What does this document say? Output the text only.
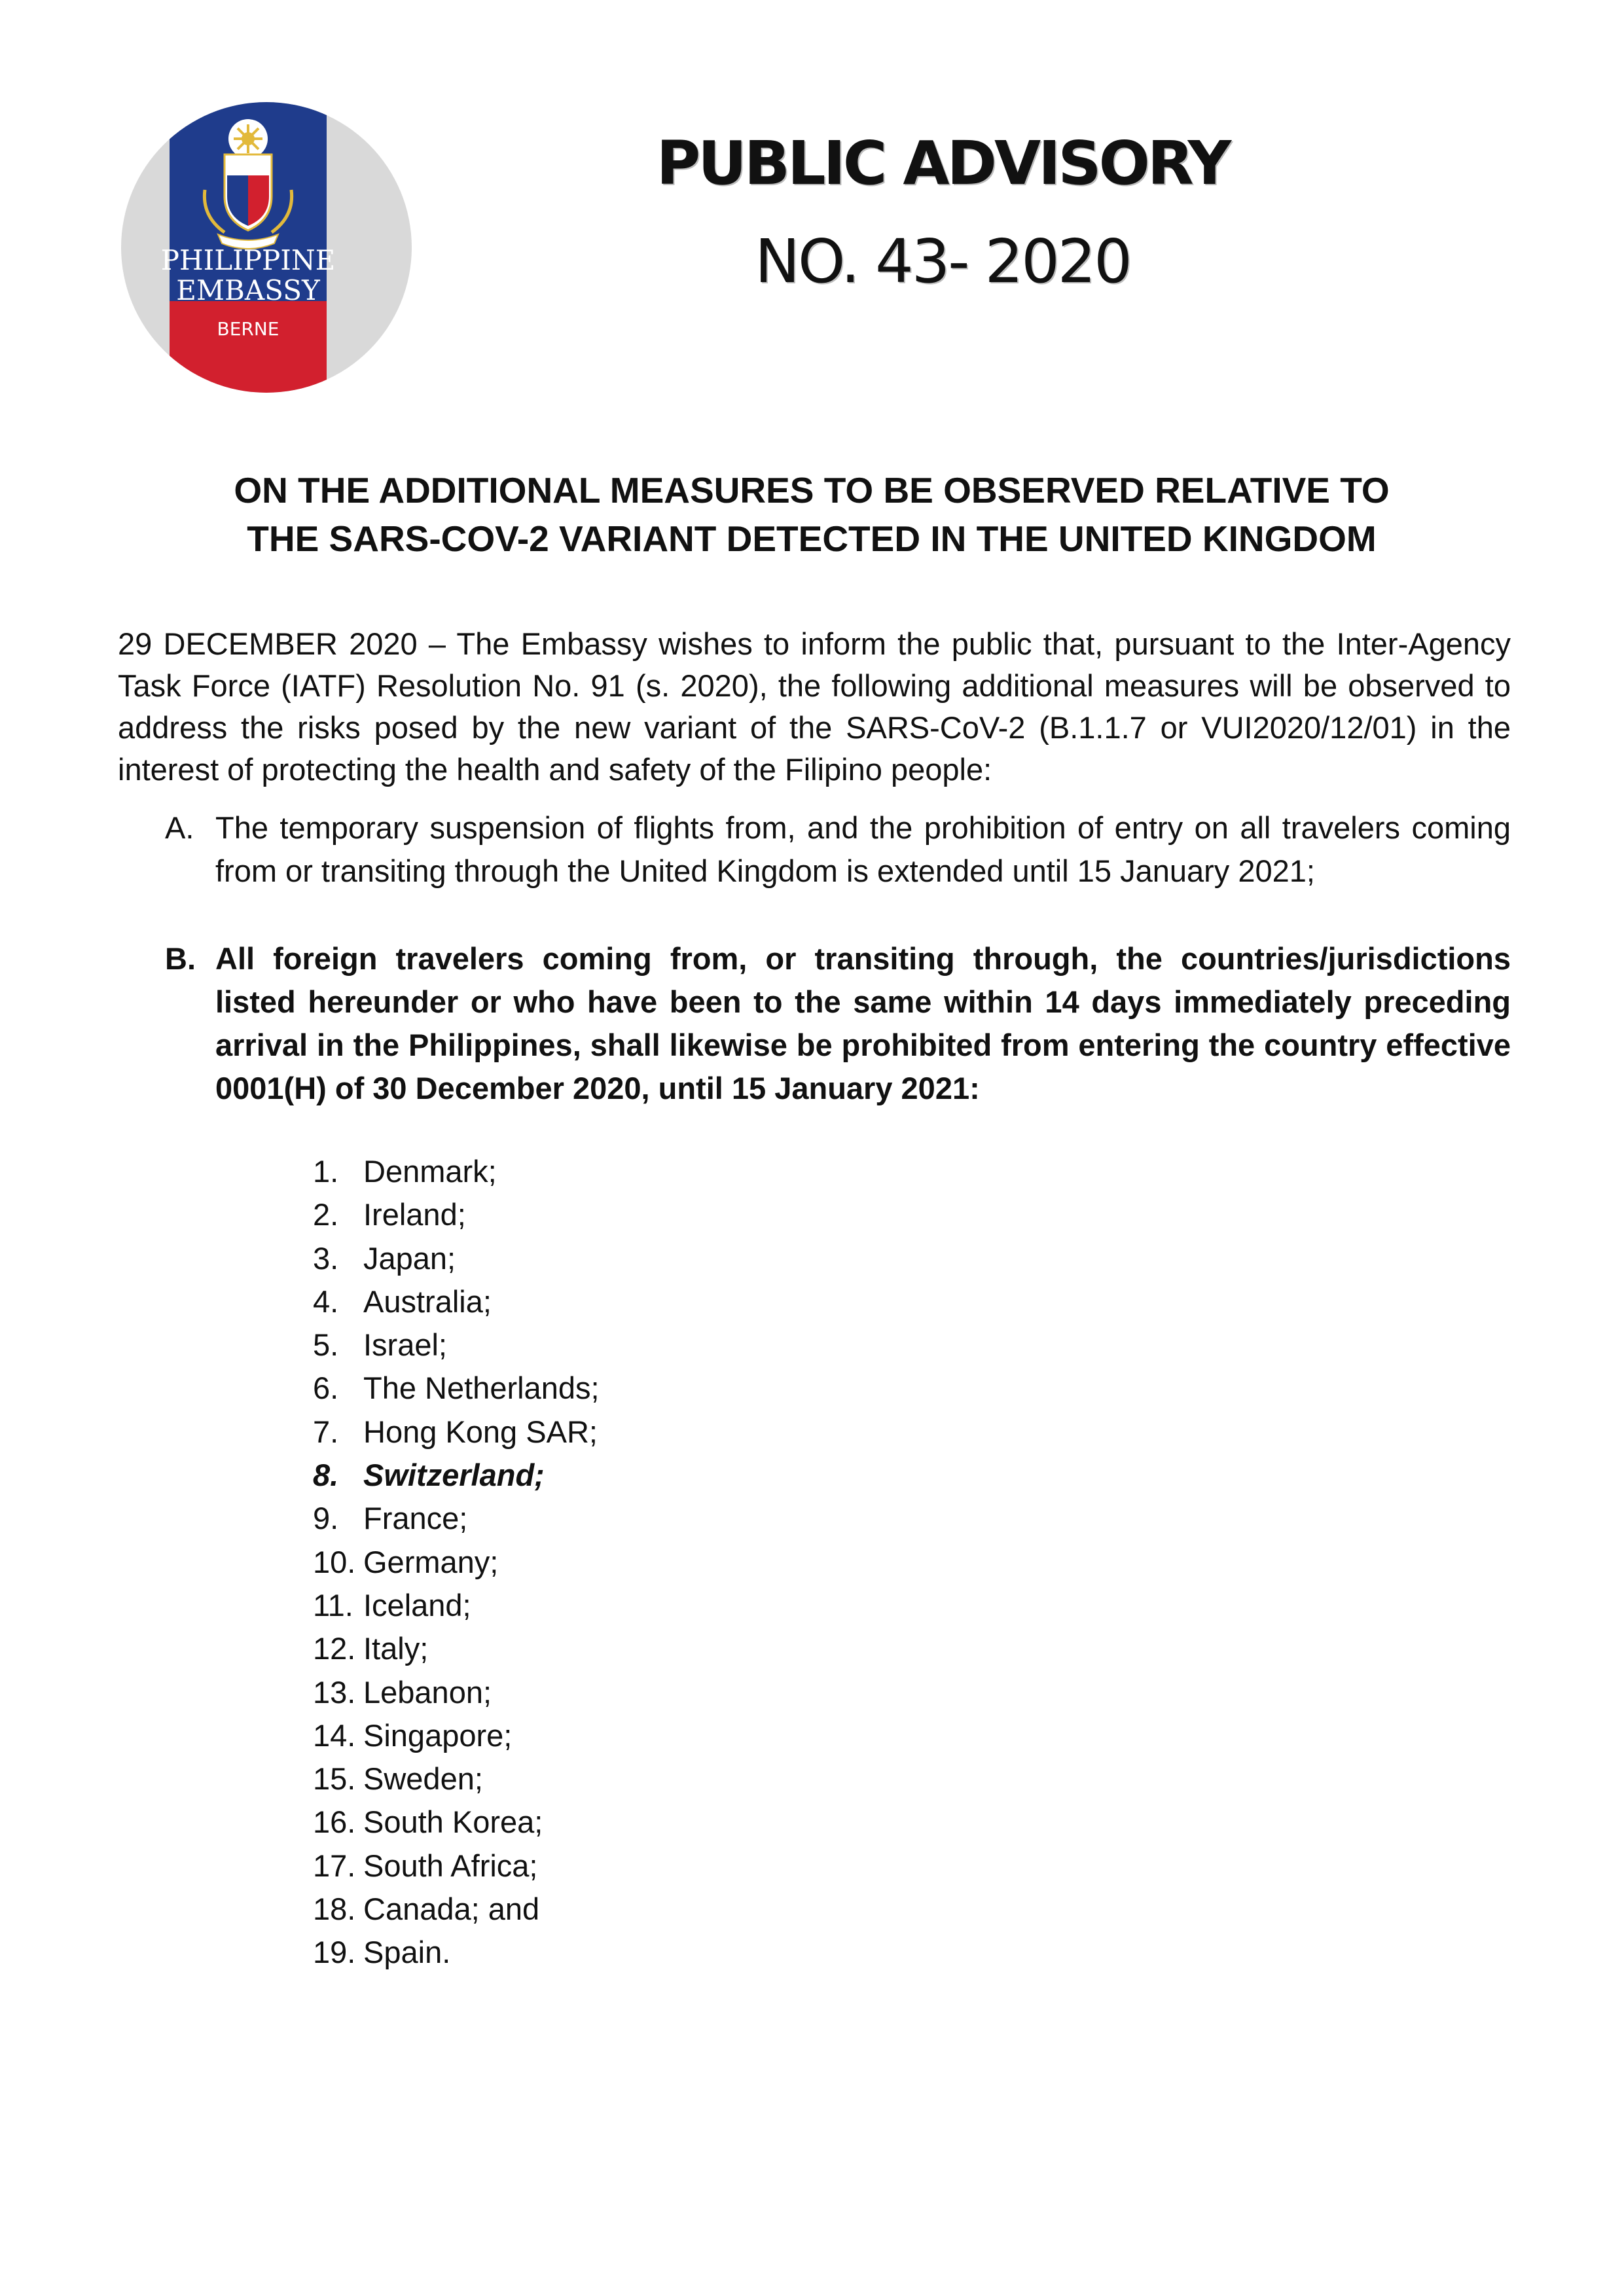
PHILIPPINE
EMBASSY
BERNE
PUBLIC ADVISORY
NO. 43- 2020
ON THE ADDITIONAL MEASURES TO BE OBSERVED RELATIVE TO
THE SARS-COV-2 VARIANT DETECTED IN THE UNITED KINGDOM
29 DECEMBER 2020 – The Embassy wishes to inform the public that, pursuant to the Inter-Agency Task Force (IATF) Resolution No. 91 (s. 2020), the following additional measures will be observed to address the risks posed by the new variant of the SARS-CoV-2 (B.1.1.7 or VUI2020/12/01) in the interest of protecting the health and safety of the Filipino people:
A. The temporary suspension of flights from, and the prohibition of entry on all travelers coming from or transiting through the United Kingdom is extended until 15 January 2021;
B. All foreign travelers coming from, or transiting through, the countries/jurisdictions listed hereunder or who have been to the same within 14 days immediately preceding arrival in the Philippines, shall likewise be prohibited from entering the country effective 0001(H) of 30 December 2020, until 15 January 2021:
1. Denmark;
2. Ireland;
3. Japan;
4. Australia;
5. Israel;
6. The Netherlands;
7. Hong Kong SAR;
8. Switzerland;
9. France;
10. Germany;
11. Iceland;
12. Italy;
13. Lebanon;
14. Singapore;
15. Sweden;
16. South Korea;
17. South Africa;
18. Canada; and
19. Spain.
